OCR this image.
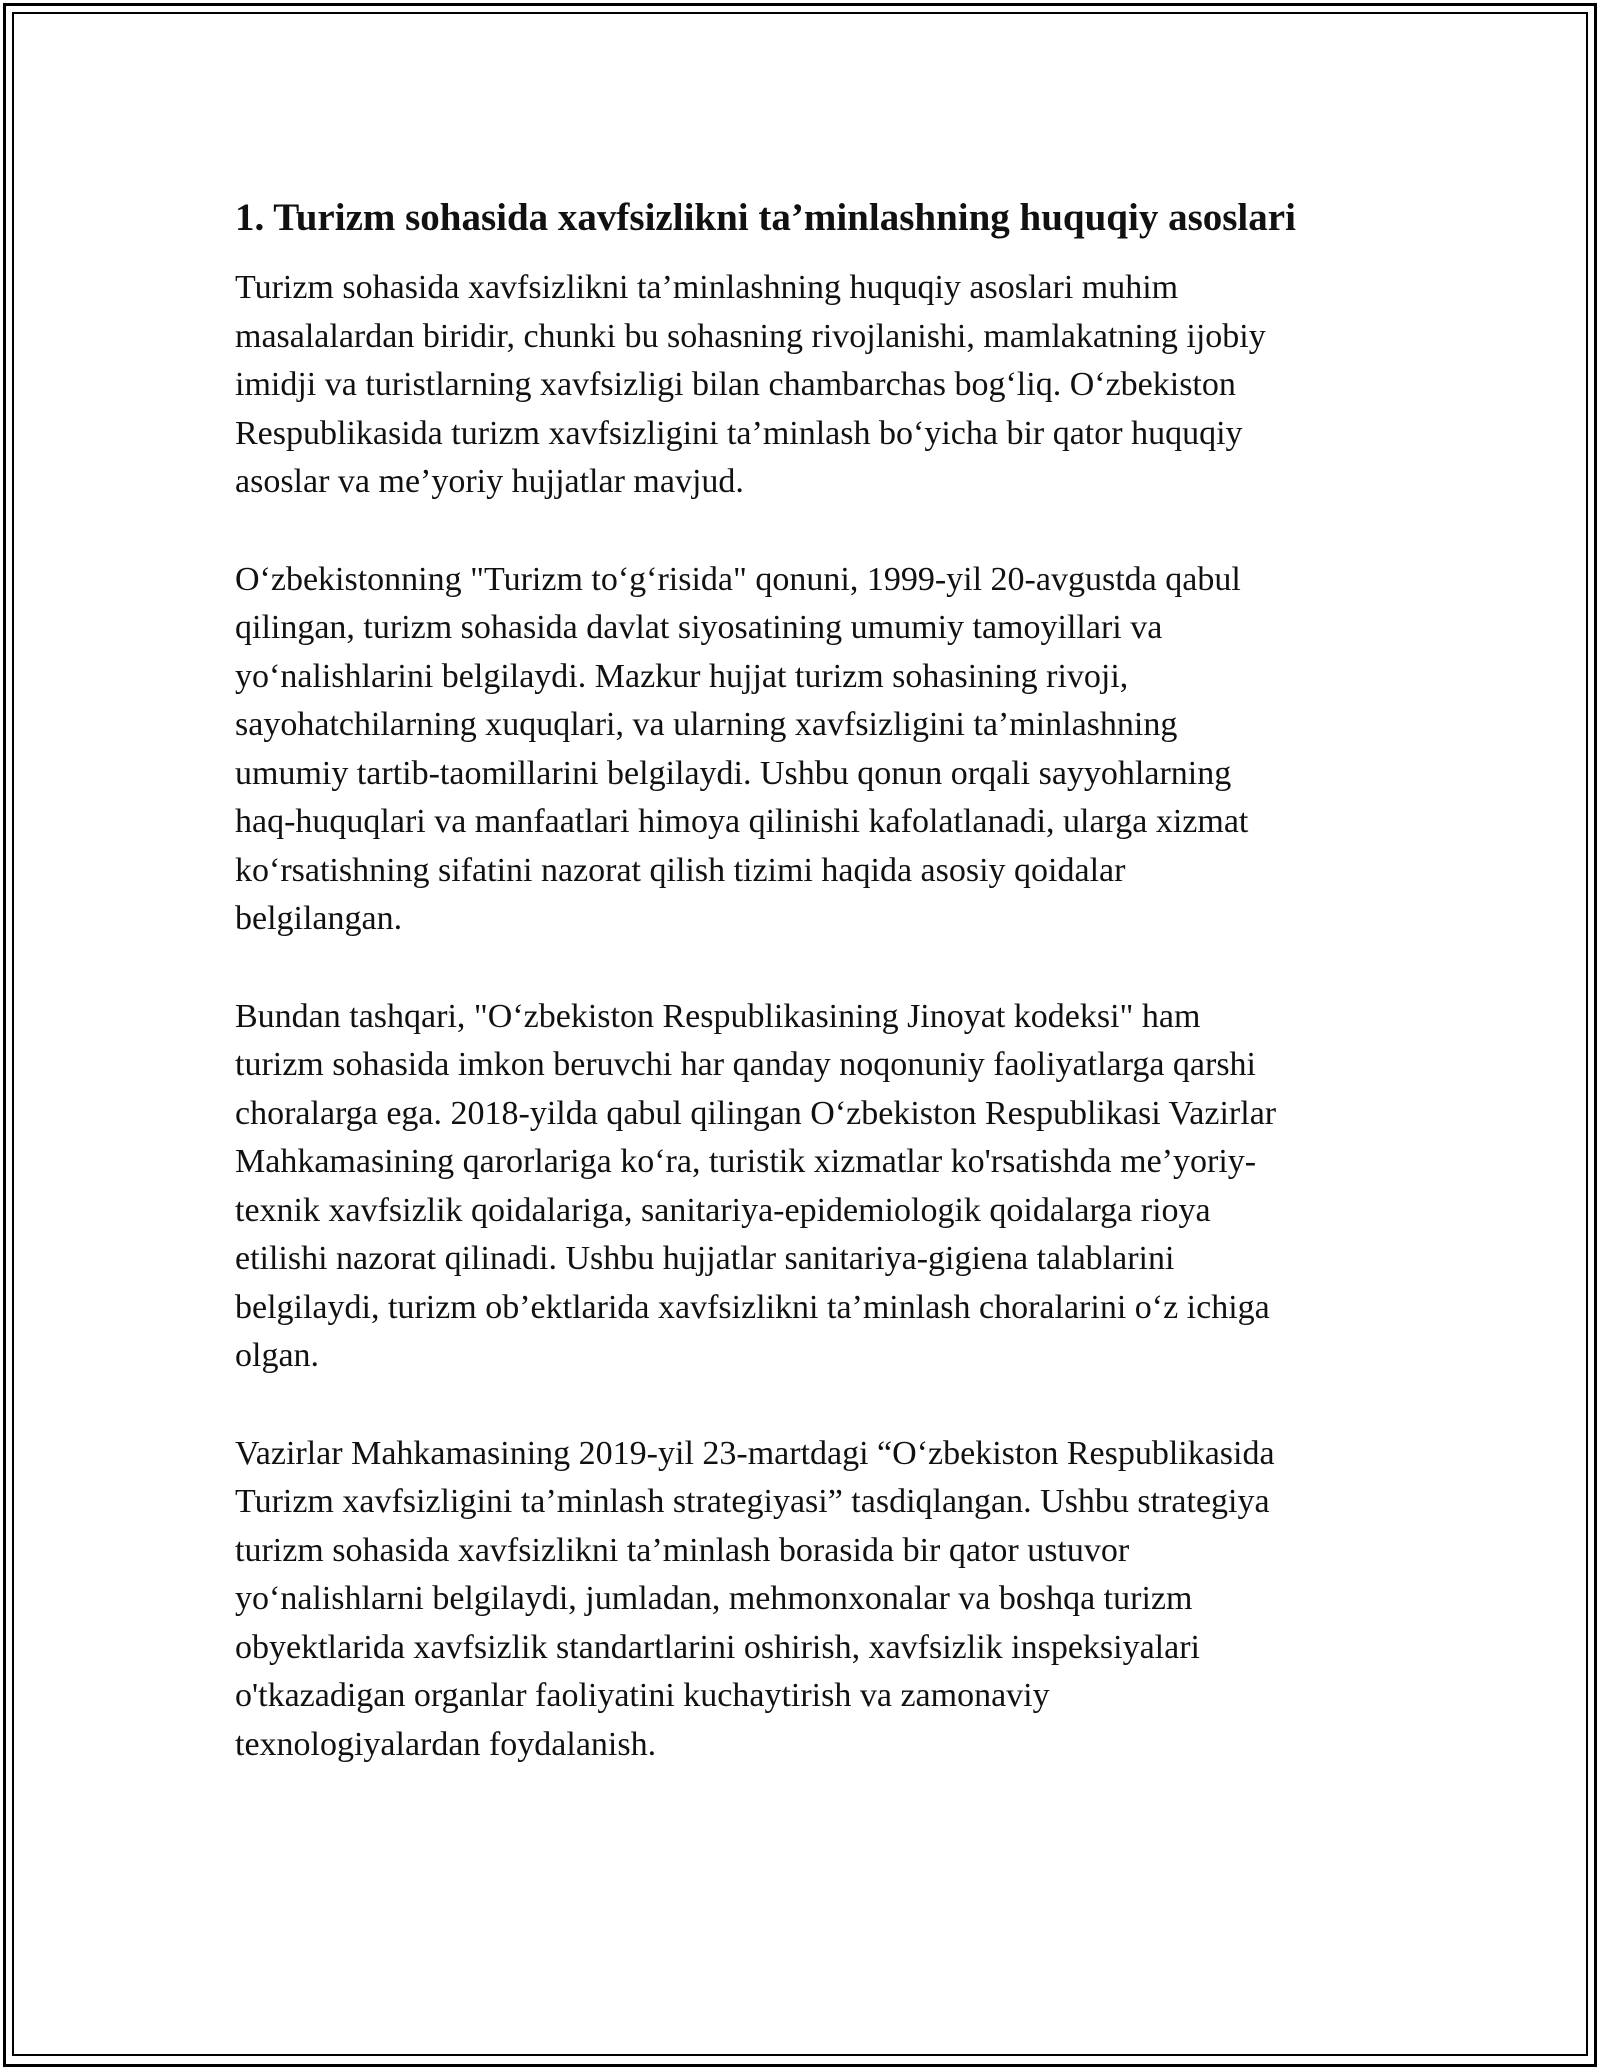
1. Turizm sohasida xavfsizlikni ta’minlashning huquqiy asoslari

Turizm sohasida xavfsizlikni ta’minlashning huquqiy asoslari muhim
masalalardan biridir, chunki bu sohasning rivojlanishi, mamlakatning ijobiy
imidji va turistlarning xavfsizligi bilan chambarchas bog‘liq. O‘zbekiston
Respublikasida turizm xavfsizligini ta’minlash bo‘yicha bir qator huquqiy
asoslar va me’yoriy hujjatlar mavjud.

O‘zbekistonning "Turizm to‘g‘risida" qonuni, 1999-yil 20-avgustda qabul
qilingan, turizm sohasida davlat siyosatining umumiy tamoyillari va
yo‘nalishlarini belgilaydi. Mazkur hujjat turizm sohasining rivoji,
sayohatchilarning xuquqlari, va ularning xavfsizligini ta’minlashning
umumiy tartib-taomillarini belgilaydi. Ushbu qonun orqali sayyohlarning
haq-huquqlari va manfaatlari himoya qilinishi kafolatlanadi, ularga xizmat
ko‘rsatishning sifatini nazorat qilish tizimi haqida asosiy qoidalar
belgilangan.

Bundan tashqari, "O‘zbekiston Respublikasining Jinoyat kodeksi" ham
turizm sohasida imkon beruvchi har qanday noqonuniy faoliyatlarga qarshi
choralarga ega. 2018-yilda qabul qilingan O‘zbekiston Respublikasi Vazirlar
Mahkamasining qarorlariga ko‘ra, turistik xizmatlar ko'rsatishda me’yoriy-
texnik xavfsizlik qoidalariga, sanitariya-epidemiologik qoidalarga rioya
etilishi nazorat qilinadi. Ushbu hujjatlar sanitariya-gigiena talablarini
belgilaydi, turizm ob’ektlarida xavfsizlikni ta’minlash choralarini o‘z ichiga
olgan.

Vazirlar Mahkamasining 2019-yil 23-martdagi “O‘zbekiston Respublikasida
Turizm xavfsizligini ta’minlash strategiyasi” tasdiqlangan. Ushbu strategiya
turizm sohasida xavfsizlikni ta’minlash borasida bir qator ustuvor
yo‘nalishlarni belgilaydi, jumladan, mehmonxonalar va boshqa turizm
obyektlarida xavfsizlik standartlarini oshirish, xavfsizlik inspeksiyalari
o'tkazadigan organlar faoliyatini kuchaytirish va zamonaviy
texnologiyalardan foydalanish.
